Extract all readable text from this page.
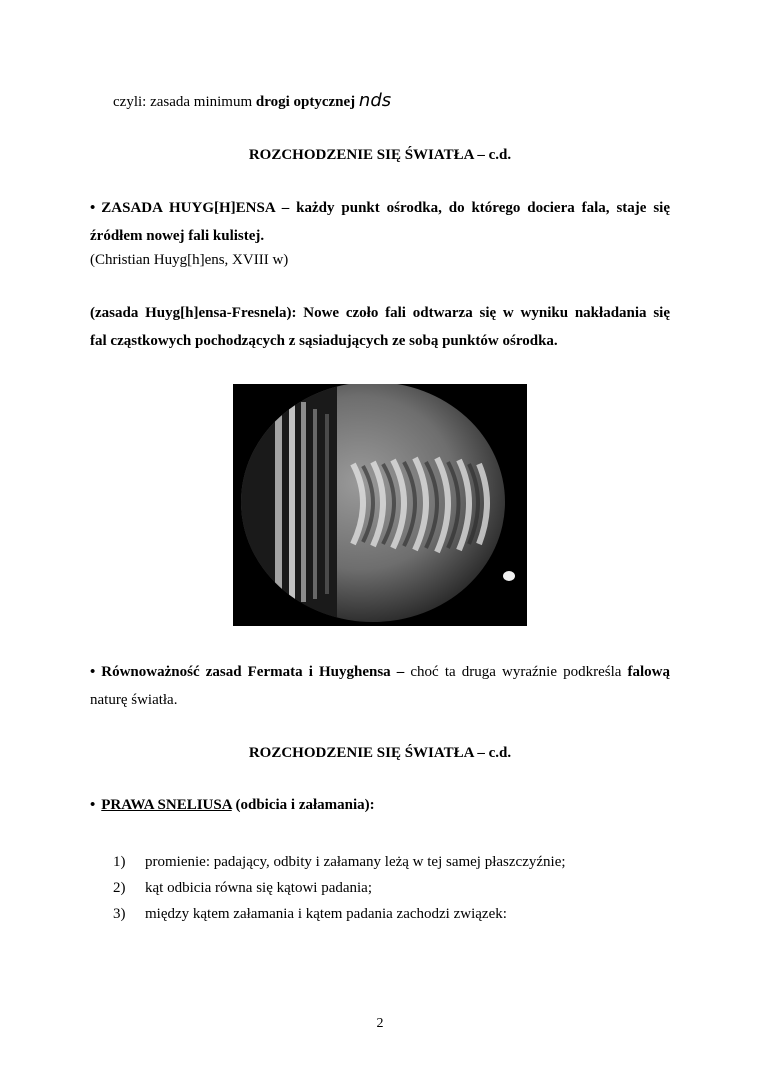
czyli: zasada minimum drogi optycznej nds
ROZCHODZENIE SIĘ ŚWIATŁA – c.d.
• ZASADA HUYG[H]ENSA – każdy punkt ośrodka, do którego dociera fala, staje się
źródłem nowej fali kulistej.
(Christian Huyg[h]ens, XVIII w)
(zasada Huyg[h]ensa-Fresnela): Nowe czoło fali odtwarza się w wyniku nakładania się
fal cząstkowych pochodzących z sąsiadujących ze sobą punktów ośrodka.
• Równoważność zasad Fermata i Huyghensa – choć ta druga wyraźnie podkreśla falową
naturę światła.
ROZCHODZENIE SIĘ ŚWIATŁA – c.d.
• PRAWA SNELIUSA (odbicia i załamania):
1)	promienie: padający, odbity i załamany leżą w tej samej płaszczyźnie;
2)	kąt odbicia równa się kątowi padania;
3)	między kątem załamania i kątem padania zachodzi związek:
2
